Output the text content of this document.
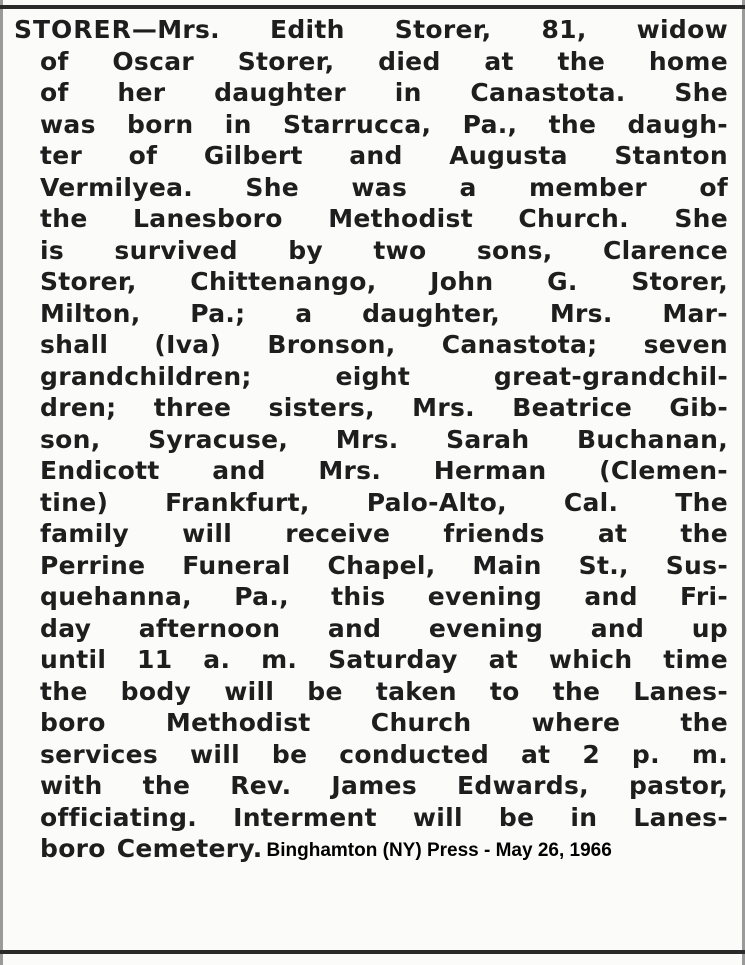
STORER—Mrs. Edith Storer, 81, widow
of Oscar Storer, died at the home
of her daughter in Canastota. She
was born in Starrucca, Pa., the daugh-
ter of Gilbert and Augusta Stanton
Vermilyea. She was a member of
the Lanesboro Methodist Church. She
is survived by two sons, Clarence
Storer, Chittenango, John G. Storer,
Milton, Pa.; a daughter, Mrs. Mar-
shall (Iva) Bronson, Canastota; seven
grandchildren; eight great-grandchil-
dren; three sisters, Mrs. Beatrice Gib-
son, Syracuse, Mrs. Sarah Buchanan,
Endicott and Mrs. Herman (Clemen-
tine) Frankfurt, Palo-Alto, Cal. The
family will receive friends at the
Perrine Funeral Chapel, Main St., Sus-
quehanna, Pa., this evening and Fri-
day afternoon and evening and up
until 11 a. m. Saturday at which time
the body will be taken to the Lanes-
boro Methodist Church where the
services will be conducted at 2 p. m.
with the Rev. James Edwards, pastor,
officiating. Interment will be in Lanes-
boro Cemetery. Binghamton (NY) Press - May 26, 1966
